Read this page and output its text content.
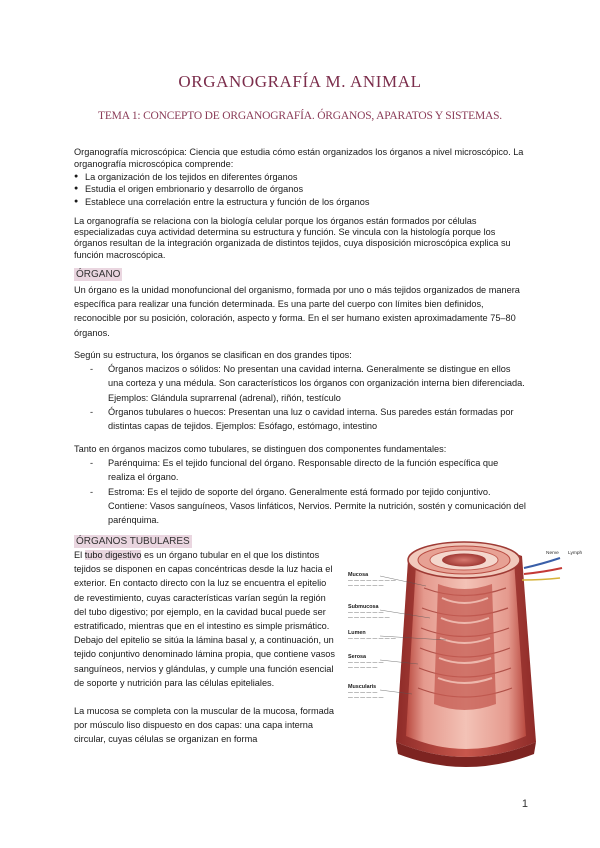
ORGANOGRAFÍA M. ANIMAL
TEMA 1: CONCEPTO DE ORGANOGRAFÍA. ÓRGANOS, APARATOS Y SISTEMAS.

Organografía microscópica: Ciencia que estudia cómo están organizados los órganos a nivel microscópico. La organografía microscópica comprende:

● La organización de los tejidos en diferentes órganos
● Estudia el origen embrionario y desarrollo de órganos
● Establece una correlación entre la estructura y función de los órganos

La organografía se relaciona con la biología celular porque los órganos están formados por células especializadas cuya actividad determina su estructura y función. Se vincula con la histología porque los órganos resultan de la integración organizada de distintos tejidos, cuya disposición microscópica explica su función macroscópica.

ÓRGANO

Un órgano es la unidad monofuncional del organismo, formada por uno o más tejidos organizados de manera específica para realizar una función determinada. Es una parte del cuerpo con límites bien definidos, reconocible por su posición, coloración, aspecto y forma. En el ser humano existen aproximadamente 75–80 órganos.

Según su estructura, los órganos se clasifican en dos grandes tipos:

- Órganos macizos o sólidos: No presentan una cavidad interna. Generalmente se distingue en ellos una corteza y una médula. Son característicos los órganos con organización interna bien diferenciada. Ejemplos: Glándula suprarrenal (adrenal), riñón, testículo
- Órganos tubulares o huecos: Presentan una luz o cavidad interna. Sus paredes están formadas por distintas capas de tejidos. Ejemplos: Esófago, estómago, intestino

Tanto en órganos macizos como tubulares, se distinguen dos componentes fundamentales:

- Parénquima: Es el tejido funcional del órgano. Responsable directo de la función específica que realiza el órgano.
- Estroma: Es el tejido de soporte del órgano. Generalmente está formado por tejido conjuntivo. Contiene: Vasos sanguíneos, Vasos linfáticos, Nervios. Permite la nutrición, sostén y comunicación del parénquima.
ÓRGANOS TUBULARES

El tubo digestivo es un órgano tubular en el que los distintos tejidos se disponen en capas concéntricas desde la luz hacia el exterior. En contacto directo con la luz se encuentra el epitelio de revestimiento, cuyas características varían según la región del tubo digestivo; por ejemplo, en la cavidad bucal puede ser estratificado, mientras que en el intestino es simple prismático. Debajo del epitelio se sitúa la lámina basal y, a continuación, un tejido conjuntivo denominado lámina propia, que contiene vasos sanguíneos, nervios y glándulas, y cumple una función esencial de soporte y nutrición para las células epiteliales.

La mucosa se completa con la muscular de la mucosa, formada por músculo liso dispuesto en dos capas: una capa interna circular, cuyas células se organizan en forma

Mucosa
— — — — — — — —
— — — — — —
Submucosa
— — — — — —
— — — — — — —
Lumen
— — — — — — — —
Serosa
— — — — — —
— — — — —
Muscularis
— — — — —
— — — — — —
Nerve Lymph
1
